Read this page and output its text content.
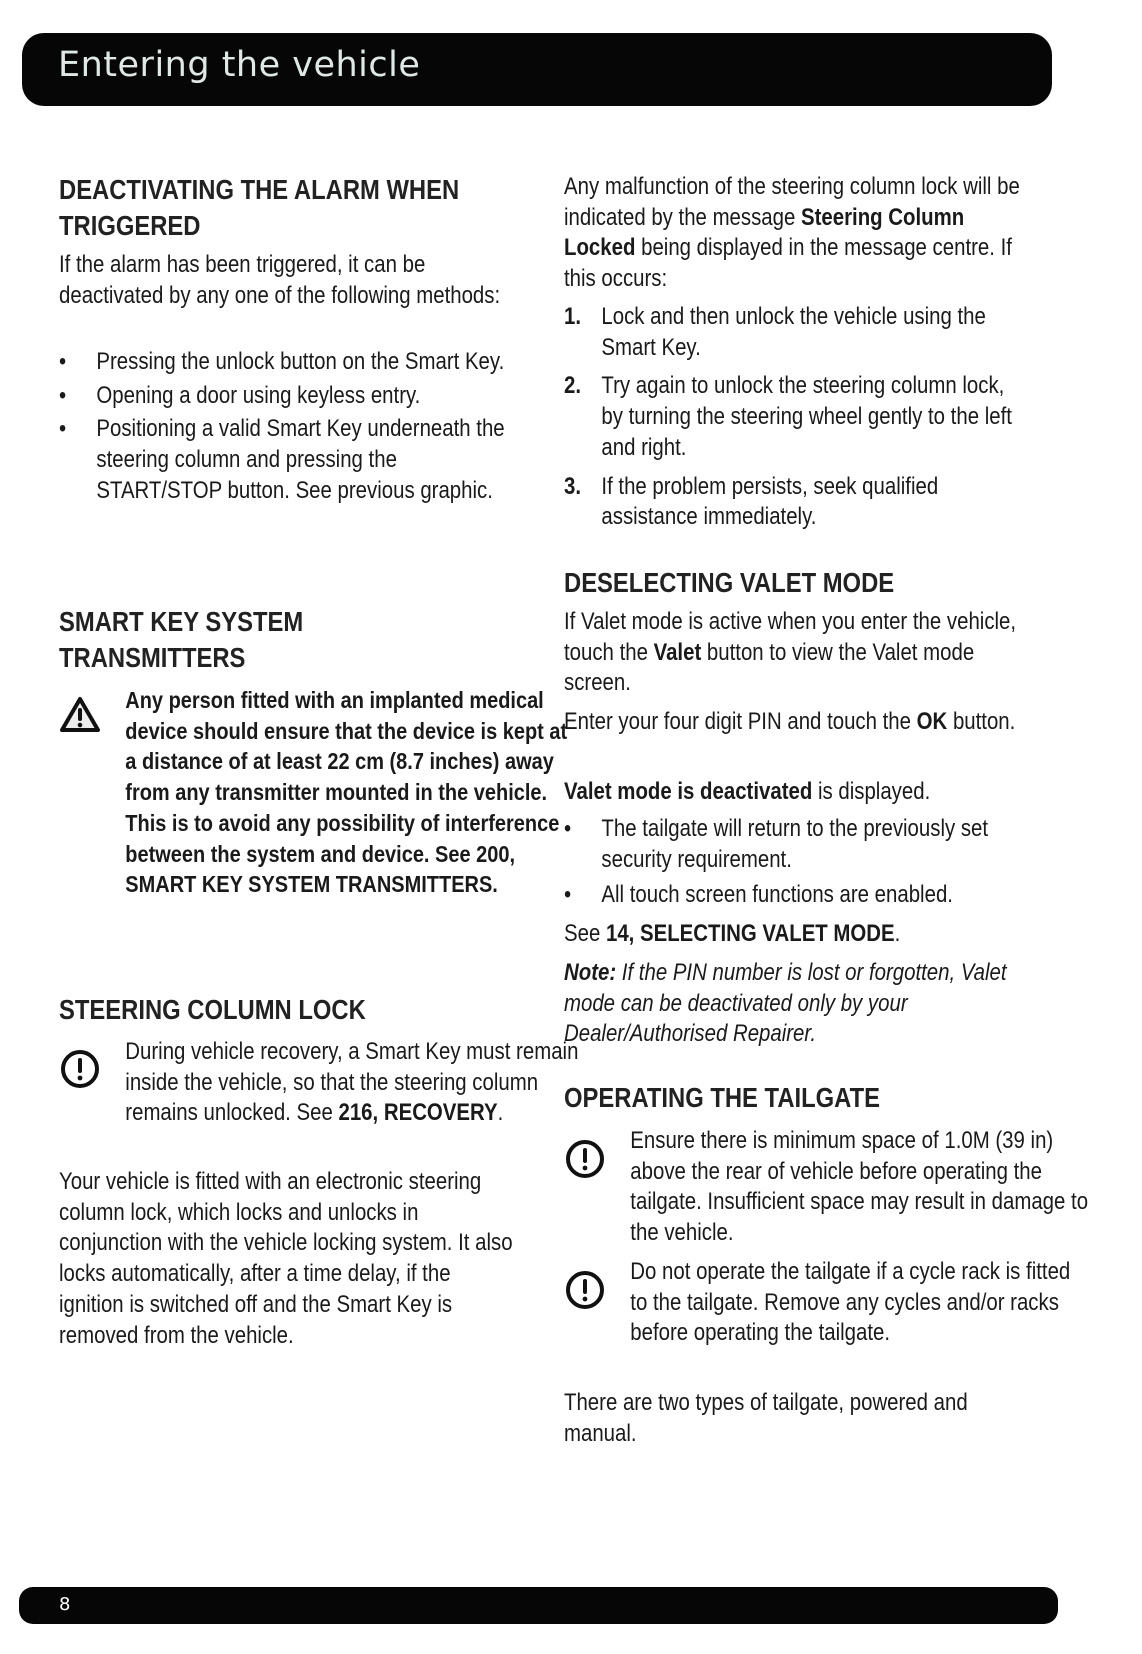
Entering the vehicle
DEACTIVATING THE ALARM WHEN TRIGGERED
If the alarm has been triggered, it can be deactivated by any one of the following methods:
• Pressing the unlock button on the Smart Key.
• Opening a door using keyless entry.
• Positioning a valid Smart Key underneath the steering column and pressing the START/STOP button. See previous graphic.
SMART KEY SYSTEM TRANSMITTERS
Any person fitted with an implanted medical device should ensure that the device is kept at a distance of at least 22 cm (8.7 inches) away from any transmitter mounted in the vehicle. This is to avoid any possibility of interference between the system and device. See 200, SMART KEY SYSTEM TRANSMITTERS.
STEERING COLUMN LOCK
During vehicle recovery, a Smart Key must remain inside the vehicle, so that the steering column remains unlocked. See 216, RECOVERY.
Your vehicle is fitted with an electronic steering column lock, which locks and unlocks in conjunction with the vehicle locking system. It also locks automatically, after a time delay, if the ignition is switched off and the Smart Key is removed from the vehicle.
Any malfunction of the steering column lock will be indicated by the message Steering Column Locked being displayed in the message centre. If this occurs:
1. Lock and then unlock the vehicle using the Smart Key.
2. Try again to unlock the steering column lock, by turning the steering wheel gently to the left and right.
3. If the problem persists, seek qualified assistance immediately.
DESELECTING VALET MODE
If Valet mode is active when you enter the vehicle, touch the Valet button to view the Valet mode screen.
Enter your four digit PIN and touch the OK button.
Valet mode is deactivated is displayed.
• The tailgate will return to the previously set security requirement.
• All touch screen functions are enabled.
See 14, SELECTING VALET MODE.
Note: If the PIN number is lost or forgotten, Valet mode can be deactivated only by your Dealer/Authorised Repairer.
OPERATING THE TAILGATE
Ensure there is minimum space of 1.0M (39 in) above the rear of vehicle before operating the tailgate. Insufficient space may result in damage to the vehicle.
Do not operate the tailgate if a cycle rack is fitted to the tailgate. Remove any cycles and/or racks before operating the tailgate.
There are two types of tailgate, powered and manual.
8
